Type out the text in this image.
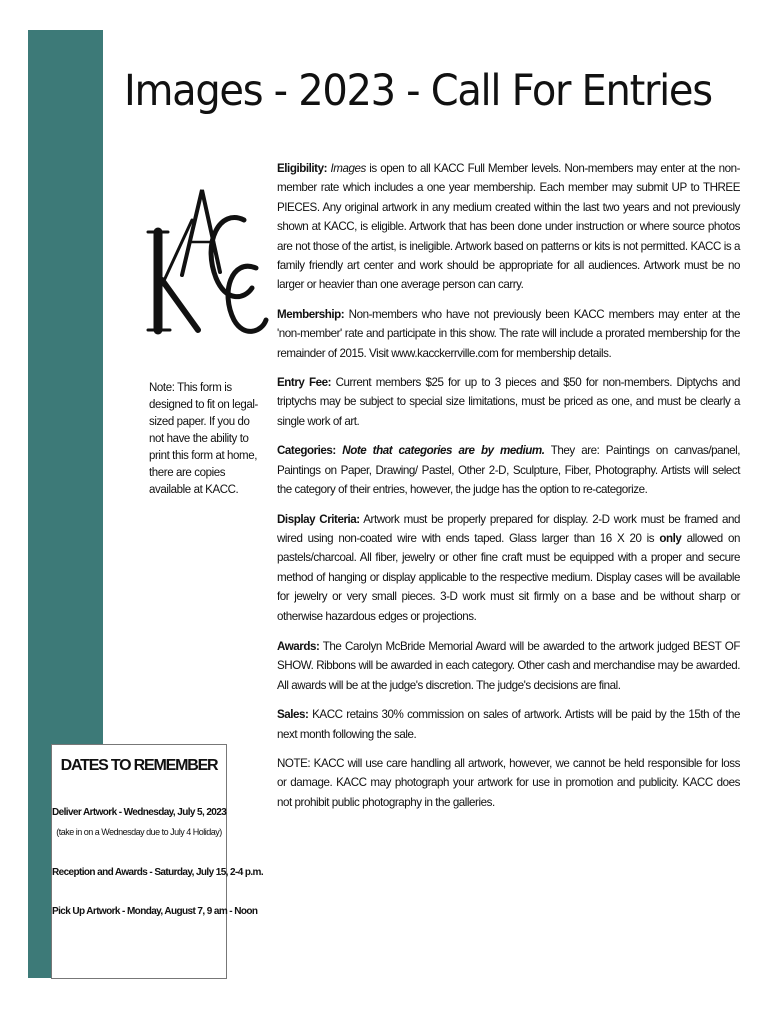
Images - 2023 - Call For Entries
Note: This form is designed to fit on legal-sized paper. If you do not have the ability to print this form at home, there are copies available at KACC.

Eligibility: Images is open to all KACC Full Member levels. Non-members may enter at the non-member rate which includes a one year membership. Each member may submit UP to THREE PIECES. Any original artwork in any medium created within the last two years and not previously shown at KACC, is eligible. Artwork that has been done under instruction or where source photos are not those of the artist, is ineligible. Artwork based on patterns or kits is not permitted. KACC is a family friendly art center and work should be appropriate for all audiences. Artwork must be no larger or heavier than one average person can carry.

Membership: Non-members who have not previously been KACC members may enter at the 'non-member' rate and participate in this show. The rate will include a prorated membership for the remainder of 2015. Visit www.kacckerrville.com for membership details.

Entry Fee: Current members $25 for up to 3 pieces and $50 for non-members. Diptychs and triptychs may be subject to special size limitations, must be priced as one, and must be clearly a single work of art.

Categories: Note that categories are by medium. They are: Paintings on canvas/panel, Paintings on Paper, Drawing/ Pastel, Other 2-D, Sculpture, Fiber, Photography. Artists will select the category of their entries, however, the judge has the option to re-categorize.

Display Criteria: Artwork must be properly prepared for display. 2-D work must be framed and wired using non-coated wire with ends taped. Glass larger than 16 X 20 is only allowed on pastels/charcoal. All fiber, jewelry or other fine craft must be equipped with a proper and secure method of hanging or display applicable to the respective medium. Display cases will be available for jewelry or very small pieces. 3-D work must sit firmly on a base and be without sharp or otherwise hazardous edges or projections.

Awards: The Carolyn McBride Memorial Award will be awarded to the artwork judged BEST OF SHOW. Ribbons will be awarded in each category. Other cash and merchandise may be awarded. All awards will be at the judge's discretion. The judge's decisions are final.

Sales: KACC retains 30% commission on sales of artwork. Artists will be paid by the 15th of the next month following the sale.

NOTE: KACC will use care handling all artwork, however, we cannot be held responsible for loss or damage. KACC may photograph your artwork for use in promotion and publicity. KACC does not prohibit public photography in the galleries.

DATES TO REMEMBER
Deliver Artwork - Wednesday, July 5, 2023
(take in on a Wednesday due to July 4 Holiday)
Reception and Awards - Saturday, July 15, 2-4 p.m.
Pick Up Artwork - Monday, August 7, 9 am - Noon
